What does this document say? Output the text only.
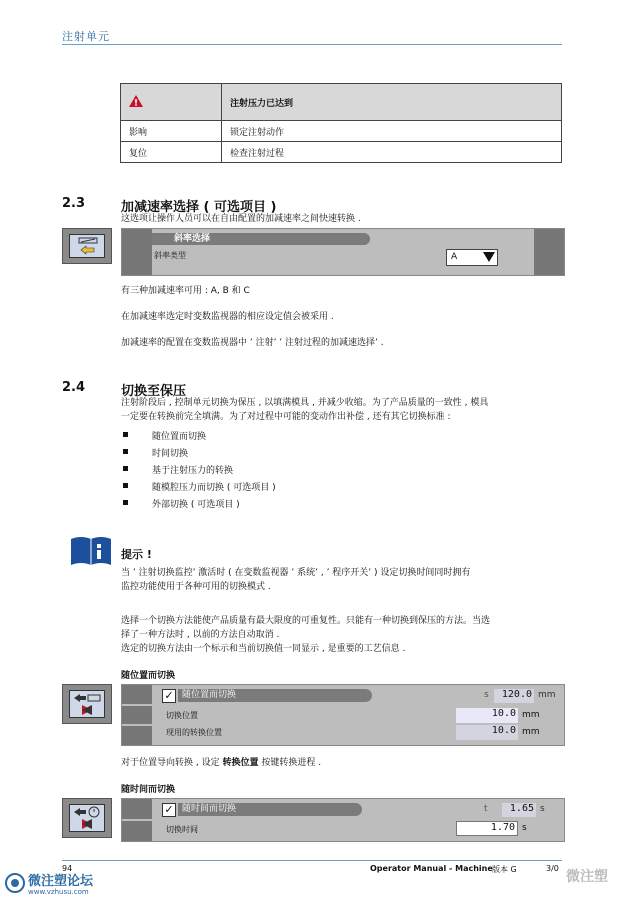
注射单元
	注射压力已达到
影响	锁定注射动作
复位	检查注射过程
2.3	加减速率选择 ( 可选项目 )
这选项让操作人员可以在自由配置的加减速率之间快速转换 .
斜率选择
斜率类型	A
有三种加减速率可用 : A, B 和 C
在加减速率选定时变数监视器的相应设定值会被采用 .
加减速率的配置在变数监视器中 ’ 注射’ ’ 注射过程的加减速选择’ .
2.4	切换至保压
注射阶段后 , 控制单元切换为保压 , 以填满模具 , 并减少收缩。为了产品质量的一致性 , 模具
一定要在转换前完全填满。为了对过程中可能的变动作出补偿 , 还有其它切换标准 :
随位置而切换
时间切换
基于注射压力的转换
随模腔压力而切换 ( 可选项目 )
外部切换 ( 可选项目 )
提示 !
当 ’ 注射切换监控’ 激活时 ( 在变数监视器 ’ 系统’ , ’ 程序开关’ ) 设定切换时间同时拥有
监控功能使用于各种可用的切换模式 .
选择一个切换方法能使产品质量有最大限度的可重复性。只能有一种切换到保压的方法。当选
择了一种方法时 , 以前的方法自动取消 .
选定的切换方法由一个标示和当前切换值一同显示 , 是重要的工艺信息 .
随位置而切换
✓ 随位置而切换	s	120.0 mm
切换位置	10.0 mm
现用的转换位置	10.0 mm
对于位置导向转换 , 设定 转换位置 按键转换进程 .
随时间而切换
✓ 随时间而切换	t	1.65 s
切换时间	1.70 s
94	Operator Manual - Machine 版本 G	3/0
微注塑论坛
www.vzhusu.com
微注塑
